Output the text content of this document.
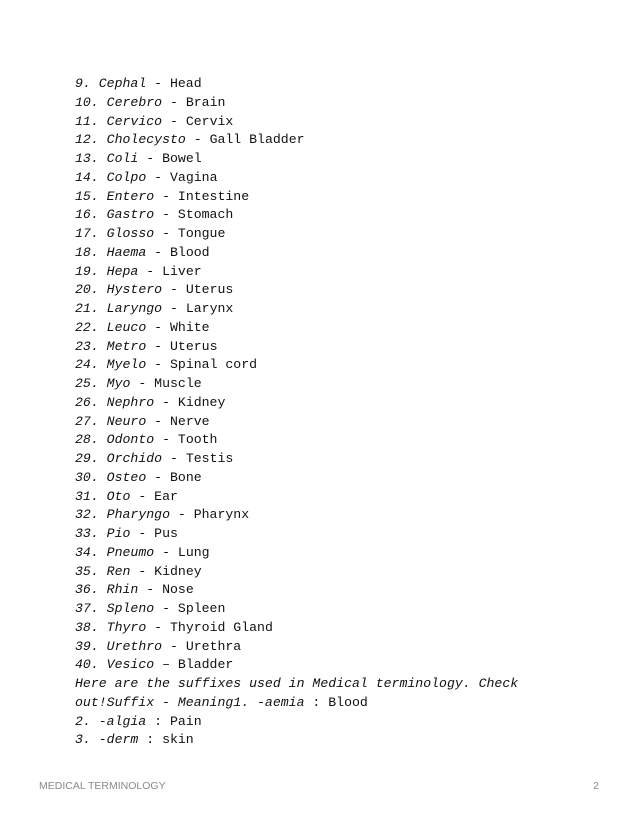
9. Cephal - Head
10. Cerebro - Brain
11. Cervico - Cervix
12. Cholecysto - Gall Bladder
13. Coli - Bowel
14. Colpo - Vagina
15. Entero - Intestine
16. Gastro - Stomach
17. Glosso - Tongue
18. Haema - Blood
19. Hepa - Liver
20. Hystero - Uterus
21. Laryngo - Larynx
22. Leuco - White
23. Metro - Uterus
24. Myelo - Spinal cord
25. Myo - Muscle
26. Nephro - Kidney
27. Neuro - Nerve
28. Odonto - Tooth
29. Orchido - Testis
30. Osteo - Bone
31. Oto - Ear
32. Pharyngo - Pharynx
33. Pio - Pus
34. Pneumo - Lung
35. Ren - Kidney
36. Rhin - Nose
37. Spleno - Spleen
38. Thyro - Thyroid Gland
39. Urethro - Urethra
40. Vesico – Bladder
Here are the suffixes used in Medical terminology. Check
out!Suffix - Meaning1. -aemia : Blood
2. -algia : Pain
3. -derm : skin
MEDICAL TERMINOLOGY	2
